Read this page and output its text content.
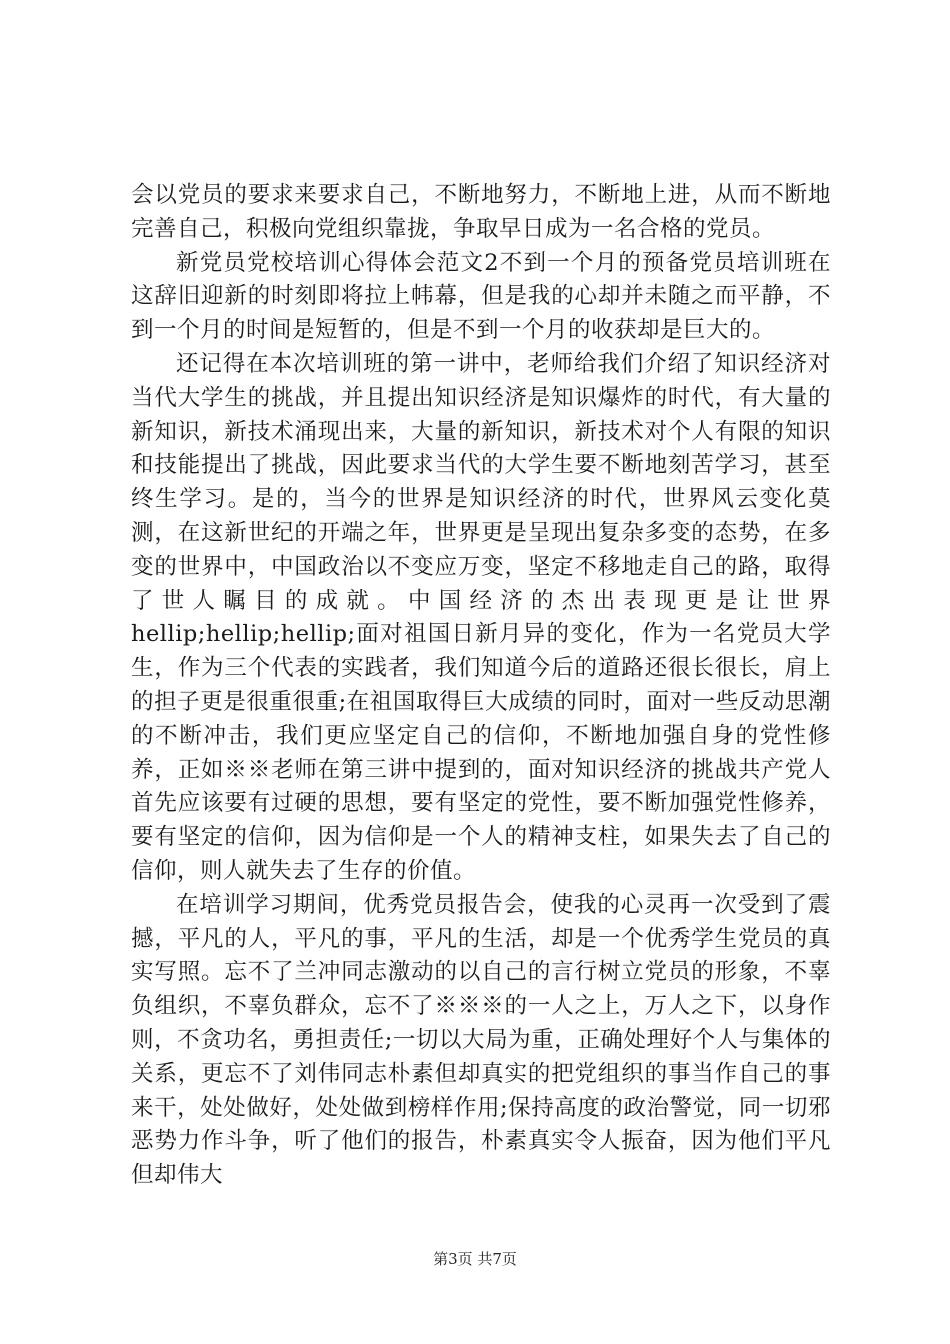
会以党员的要求来要求自己，不断地努力，不断地上进，从而不断地完善自己，积极向党组织靠拢，争取早日成为一名合格的党员。

新党员党校培训心得体会范文2不到一个月的预备党员培训班在这辞旧迎新的时刻即将拉上帏幕，但是我的心却并未随之而平静，不到一个月的时间是短暂的，但是不到一个月的收获却是巨大的。

还记得在本次培训班的第一讲中，老师给我们介绍了知识经济对当代大学生的挑战，并且提出知识经济是知识爆炸的时代，有大量的新知识，新技术涌现出来，大量的新知识，新技术对个人有限的知识和技能提出了挑战，因此要求当代的大学生要不断地刻苦学习，甚至终生学习。是的，当今的世界是知识经济的时代，世界风云变化莫测，在这新世纪的开端之年，世界更是呈现出复杂多变的态势，在多变的世界中，中国政治以不变应万变，坚定不移地走自己的路，取得了世人瞩目的成就。中国经济的杰出表现更是让世界hellip;hellip;hellip;面对祖国日新月异的变化，作为一名党员大学生，作为三个代表的实践者，我们知道今后的道路还很长很长，肩上的担子更是很重很重;在祖国取得巨大成绩的同时，面对一些反动思潮的不断冲击，我们更应坚定自己的信仰，不断地加强自身的党性修养，正如※※老师在第三讲中提到的，面对知识经济的挑战共产党人首先应该要有过硬的思想，要有坚定的党性，要不断加强党性修养，要有坚定的信仰，因为信仰是一个人的精神支柱，如果失去了自己的信仰，则人就失去了生存的价值。

在培训学习期间，优秀党员报告会，使我的心灵再一次受到了震撼，平凡的人，平凡的事，平凡的生活，却是一个优秀学生党员的真实写照。忘不了兰冲同志激动的以自己的言行树立党员的形象，不辜负组织，不辜负群众，忘不了※※※的一人之上，万人之下，以身作则，不贪功名，勇担责任;一切以大局为重，正确处理好个人与集体的关系，更忘不了刘伟同志朴素但却真实的把党组织的事当作自己的事来干，处处做好，处处做到榜样作用;保持高度的政治警觉，同一切邪恶势力作斗争，听了他们的报告，朴素真实令人振奋，因为他们平凡但却伟大

第3页 共7页
